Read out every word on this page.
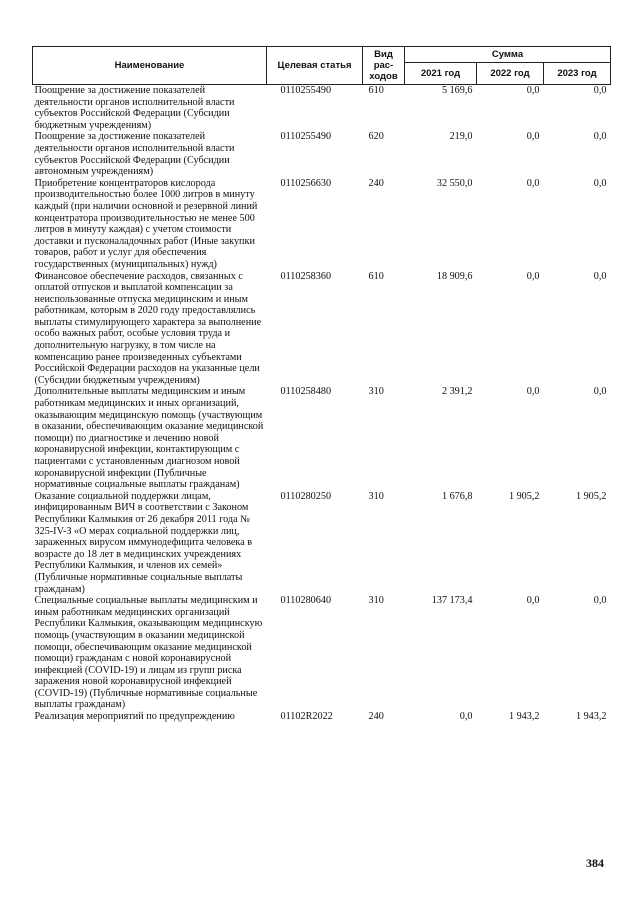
Наименование	Целевая статья	Вид рас-ходов	Сумма		
			2021 год	2022 год	2023 год
Поощрение за достижение показателей деятельности органов исполнительной власти субъектов Российской Федерации (Субсидии бюджетным учреждениям)	0110255490	610	5 169,6	0,0	0,0
Поощрение за достижение показателей деятельности органов исполнительной власти субъектов Российской Федерации (Субсидии автономным учреждениям)	0110255490	620	219,0	0,0	0,0
Приобретение концентраторов кислорода производительностью более 1000 литров в минуту каждый (при наличии основной и резервной линий концентратора производительностью не менее 500 литров в минуту каждая) с учетом стоимости доставки и пусконаладочных работ (Иные закупки товаров, работ и услуг для обеспечения государственных (муниципальных) нужд)	0110256630	240	32 550,0	0,0	0,0
Финансовое обеспечение расходов, связанных с оплатой отпусков и выплатой компенсации за неиспользованные отпуска медицинским и иным работникам, которым в 2020 году предоставлялись выплаты стимулирующего характера за выполнение особо важных работ, особые условия труда и дополнительную нагрузку, в том числе на компенсацию ранее произведенных субъектами Российской Федерации расходов на указанные цели (Субсидии бюджетным учреждениям)	0110258360	610	18 909,6	0,0	0,0
Дополнительные выплаты медицинским и иным работникам медицинских и иных организаций, оказывающим медицинскую помощь (участвующим в оказании, обеспечивающим оказание медицинской помощи) по диагностике и лечению новой коронавирусной инфекции, контактирующим с пациентами с установленным диагнозом новой коронавирусной инфекции (Публичные нормативные социальные выплаты гражданам)	0110258480	310	2 391,2	0,0	0,0
Оказание социальной поддержки лицам, инфицированным ВИЧ в соответствии с Законом Республики Калмыкия от 26 декабря 2011 года № 325-IV-З «О мерах социальной поддержки лиц, зараженных вирусом иммунодефицита человека в возрасте до 18 лет в медицинских учреждениях Республики Калмыкия, и членов их семей» (Публичные нормативные социальные выплаты гражданам)	0110280250	310	1 676,8	1 905,2	1 905,2
Специальные социальные выплаты медицинским и иным работникам медицинских организаций Республики Калмыкия, оказывающим медицинскую помощь (участвующим в оказании медицинской помощи, обеспечивающим оказание медицинской помощи) гражданам с новой коронавирусной инфекцией (COVID-19) и лицам из групп риска заражения новой коронавирусной инфекцией (COVID-19) (Публичные нормативные социальные выплаты гражданам)	0110280640	310	137 173,4	0,0	0,0
Реализация мероприятий по предупреждению	01102R2022	240	0,0	1 943,2	1 943,2
384
